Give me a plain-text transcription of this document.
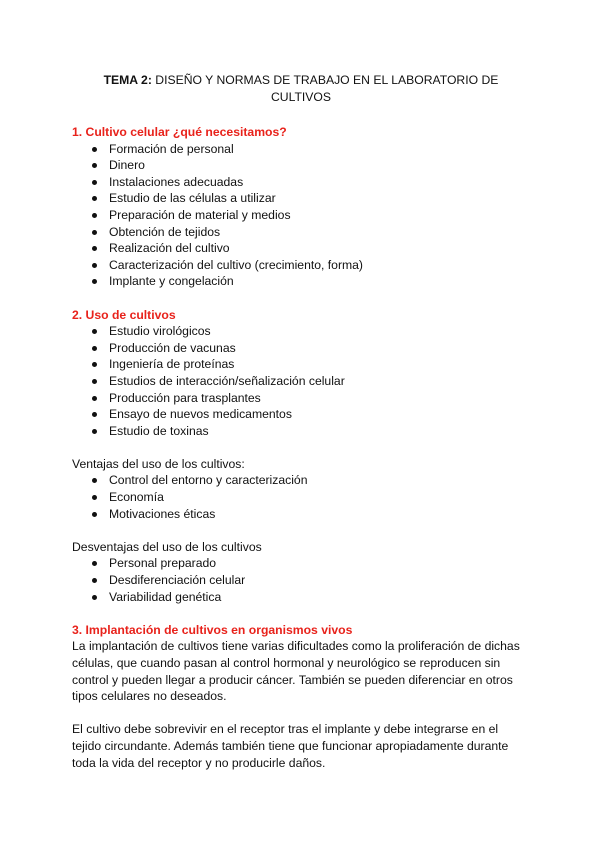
TEMA 2: DISEÑO Y NORMAS DE TRABAJO EN EL LABORATORIO DE CULTIVOS
1. Cultivo celular ¿qué necesitamos?
Formación de personal
Dinero
Instalaciones adecuadas
Estudio de las células a utilizar
Preparación de material y medios
Obtención de tejidos
Realización del cultivo
Caracterización del cultivo (crecimiento, forma)
Implante y congelación
2. Uso de cultivos
Estudio virológicos
Producción de vacunas
Ingeniería de proteínas
Estudios de interacción/señalización celular
Producción para trasplantes
Ensayo de nuevos medicamentos
Estudio de toxinas

Ventajas del uso de los cultivos:

Control del entorno y caracterización
Economía
Motivaciones éticas

Desventajas del uso de los cultivos

Personal preparado
Desdiferenciación celular
Variabilidad genética
3. Implantación de cultivos en organismos vivos

La implantación de cultivos tiene varias dificultades como la proliferación de dichas células, que cuando pasan al control hormonal y neurológico se reproducen sin control y pueden llegar a producir cáncer. También se pueden diferenciar en otros tipos celulares no deseados.

El cultivo debe sobrevivir en el receptor tras el implante y debe integrarse en el tejido circundante. Además también tiene que funcionar apropiadamente durante toda la vida del receptor y no producirle daños.
